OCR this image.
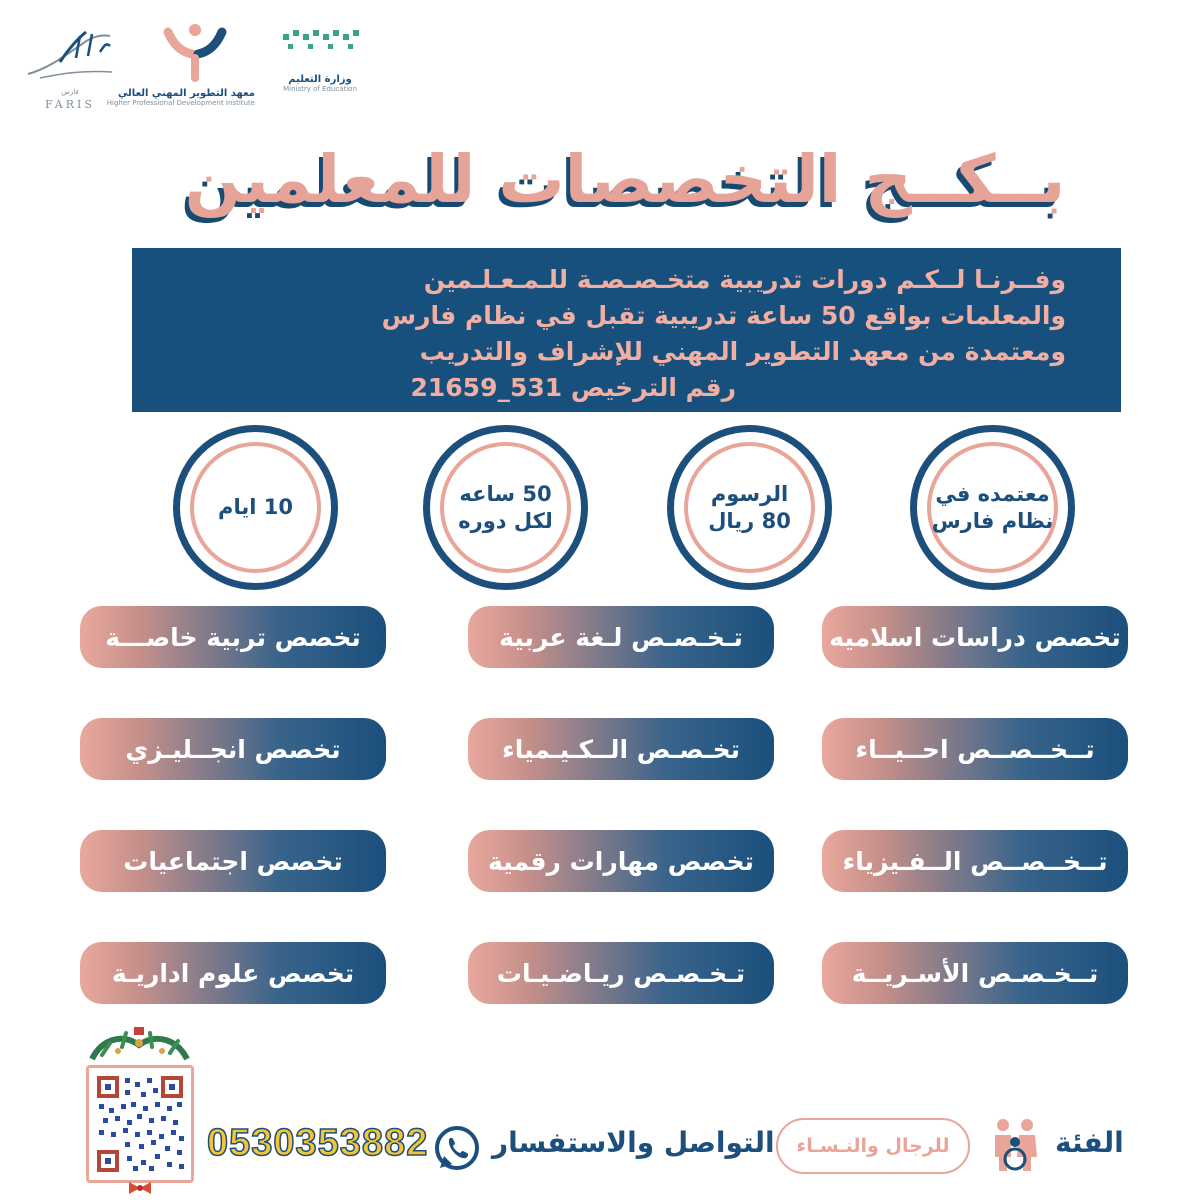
فارس
FARIS
معهد التطوير المهني العالي
Higher Professional Development Institute
وزارة التعليم
Ministry of Education
بــكــج التخصصات للمعلمين
وفــرنـا لــكـم دورات تدريبية متخـصـصـة للـمـعـلـمين
والمعلمات بواقع 50 ساعة تدريبية تقبل في نظام فارس
ومعتمدة من معهد التطوير المهني للإشراف والتدريب
رقم الترخيص 531_21659
معتمده في
نظام فارس
الرسوم
80 ريال
50 ساعه
لكل دوره
10 ايام
تخصص دراسات اسلاميه
تـخـصـص لـغة عربية
تخصص تربية خاصـــة
تــخــصــص احــيــاء
تخـصـص الــكـيـمياء
تخصص انجــليـزي
تــخــصــص الــفـيزياء
تخصص مهارات رقمية
تخصص اجتماعيات
تــخـصـص الأسـريــة
تـخـصـص ريـاضـيـات
تخصص علوم اداريـة
0530353882 التواصل والاستفسار	للرجال والنـسـاء	الفئة
